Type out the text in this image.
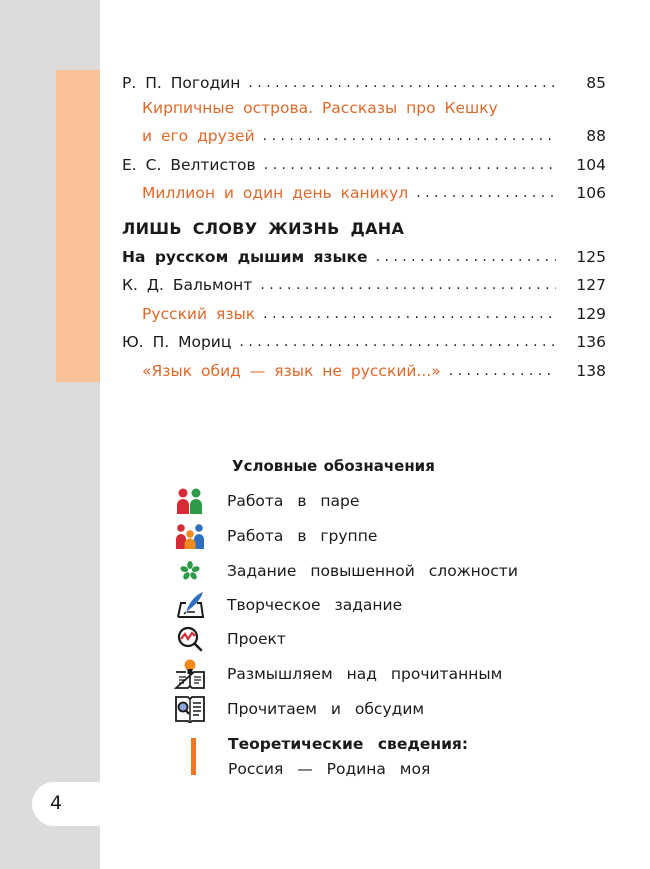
4
Р. П. Погодин . . .	85
Кирпичные острова. Рассказы про Кешку
и его друзей . . .	88
Е. С. Велтистов . . .	104
Миллион и один день каникул . . .	106
ЛИШЬ СЛОВУ ЖИЗНЬ ДАНА
На русском дышим языке . . .	125
К. Д. Бальмонт . . .	127
Русский язык . . .	129
Ю. П. Мориц . . .	136
«Язык обид — язык не русский...» . . .	138
Условные обозначения
Работа в паре
Работа в группе
Задание повышенной сложности
Творческое задание
Проект
Размышляем над прочитанным
Прочитаем и обсудим
Теоретические сведения:
Россия — Родина моя
